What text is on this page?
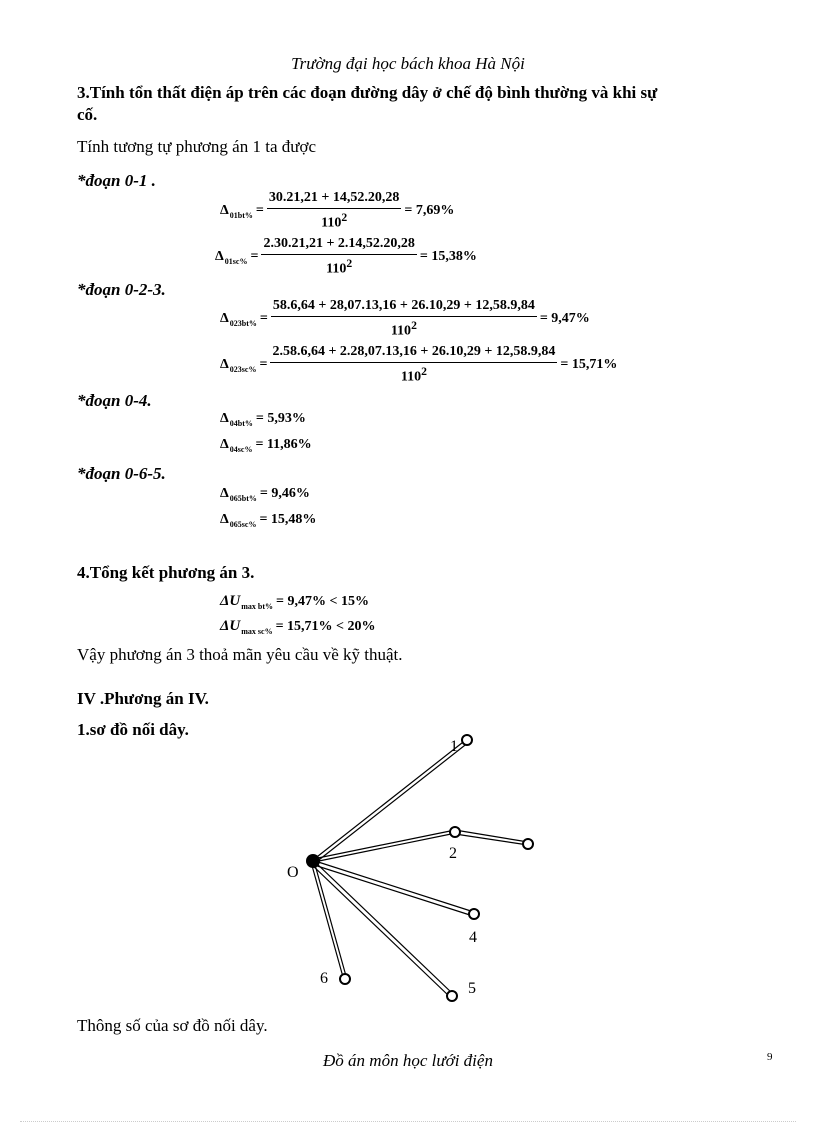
Trường đại học bách khoa Hà Nội
3.Tính tổn thất điện áp trên các đoạn đường dây ở chế độ bình thường và khi sự
cố.
Tính tương tự phương án 1 ta được
*đoạn 0-1 .
Δ $01bt\% = \frac{30.21,21 + 14,52.20,28}{110^2} = 7,69\%$
Δ $01sc\% = \frac{2.30.21,21 + 2.14,52.20,28}{110^2} = 15,38\%$
*đoạn 0-2-3.
Δ $023bt\% = \frac{58.6,64 + 28,07.13,16 + 26.10,29 + 12,58.9,84}{110^2} = 9,47\%$
Δ $023sc\% = \frac{2.58.6,64 + 2.28,07.13,16 + 26.10,29 + 12,58.9,84}{110^2} = 15,71\%$
*đoạn 0-4.
Δ 04bt% = 5,93%
Δ 04sc% = 11,86%
*đoạn 0-6-5.
Δ 065bt% = 9,46%
Δ 065sc% = 15,48%
4.Tổng kết phương án 3.
ΔU max bt% = 9,47% < 15%
ΔU max sc% = 15,71% < 20%
Vậy phương án 3 thoả mãn yêu cầu về kỹ thuật.
IV .Phương án IV.
1.sơ đồ nối dây.
O
1
2
4
5
6
Thông số của sơ đồ nối dây.
Đồ án môn học lưới điện	9
